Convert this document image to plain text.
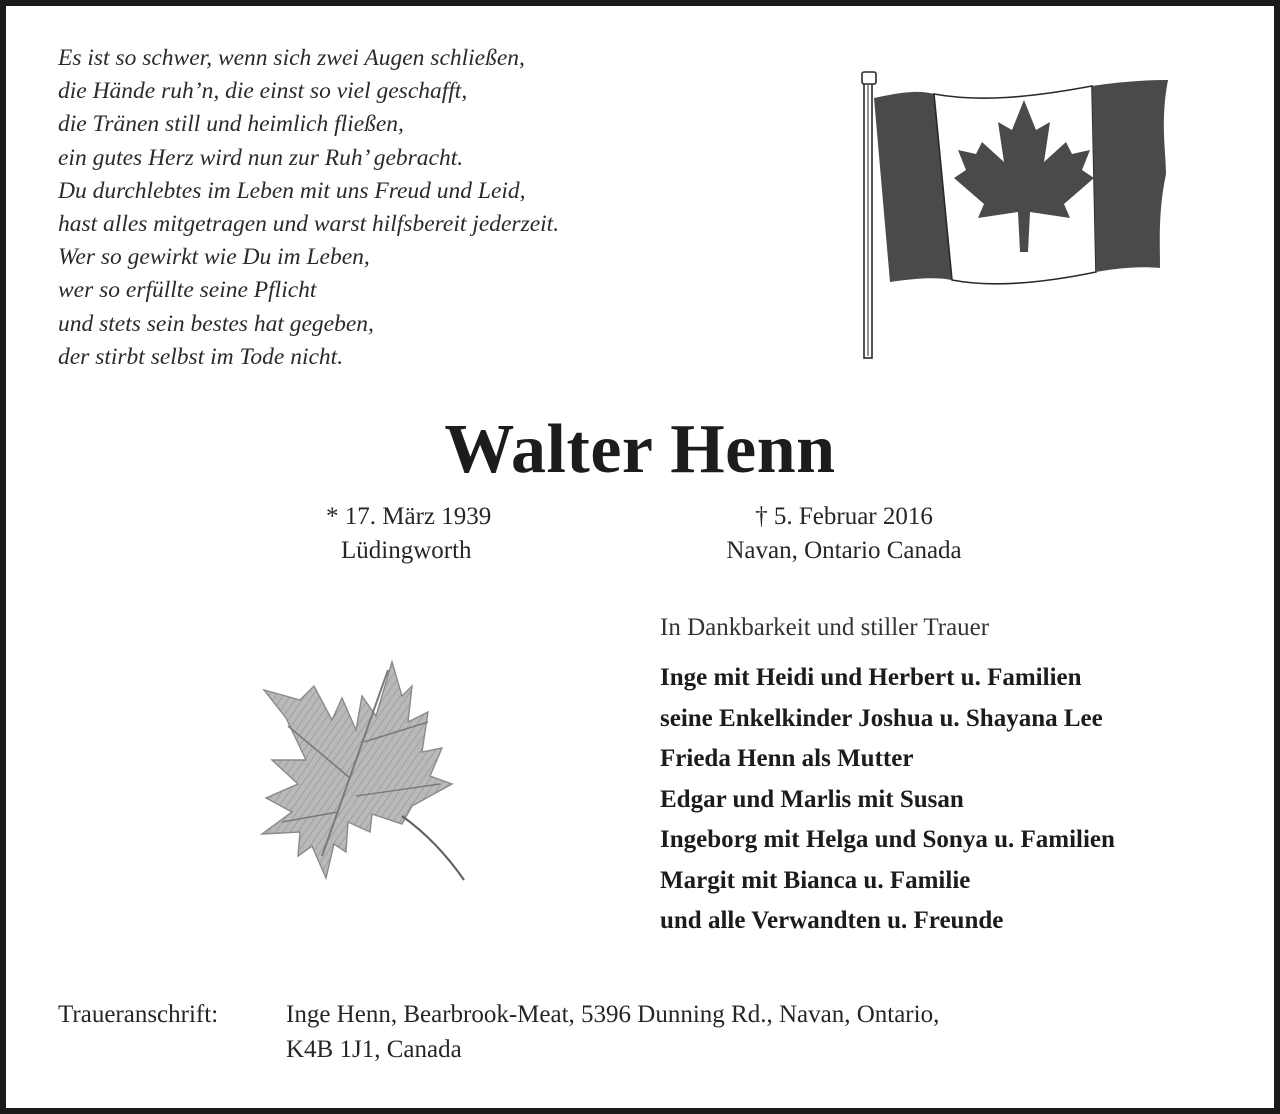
Es ist so schwer, wenn sich zwei Augen schließen,
die Hände ruh’n, die einst so viel geschafft,
die Tränen still und heimlich fließen,
ein gutes Herz wird nun zur Ruh’ gebracht.
Du durchlebtes im Leben mit uns Freud und Leid,
hast alles mitgetragen und warst hilfsbereit jederzeit.
Wer so gewirkt wie Du im Leben,
wer so erfüllte seine Pflicht
und stets sein bestes hat gegeben,
der stirbt selbst im Tode nicht.
Walter Henn
* 17. März 1939
Lüdingworth
† 5. Februar 2016
Navan, Ontario Canada
In Dankbarkeit und stiller Trauer
Inge mit Heidi und Herbert u. Familien
seine Enkelkinder Joshua u. Shayana Lee
Frieda Henn als Mutter
Edgar und Marlis mit Susan
Ingeborg mit Helga und Sonya u. Familien
Margit mit Bianca u. Familie
und alle Verwandten u. Freunde
Traueranschrift:	Inge Henn, Bearbrook-Meat, 5396 Dunning Rd., Navan, Ontario,
K4B 1J1, Canada
